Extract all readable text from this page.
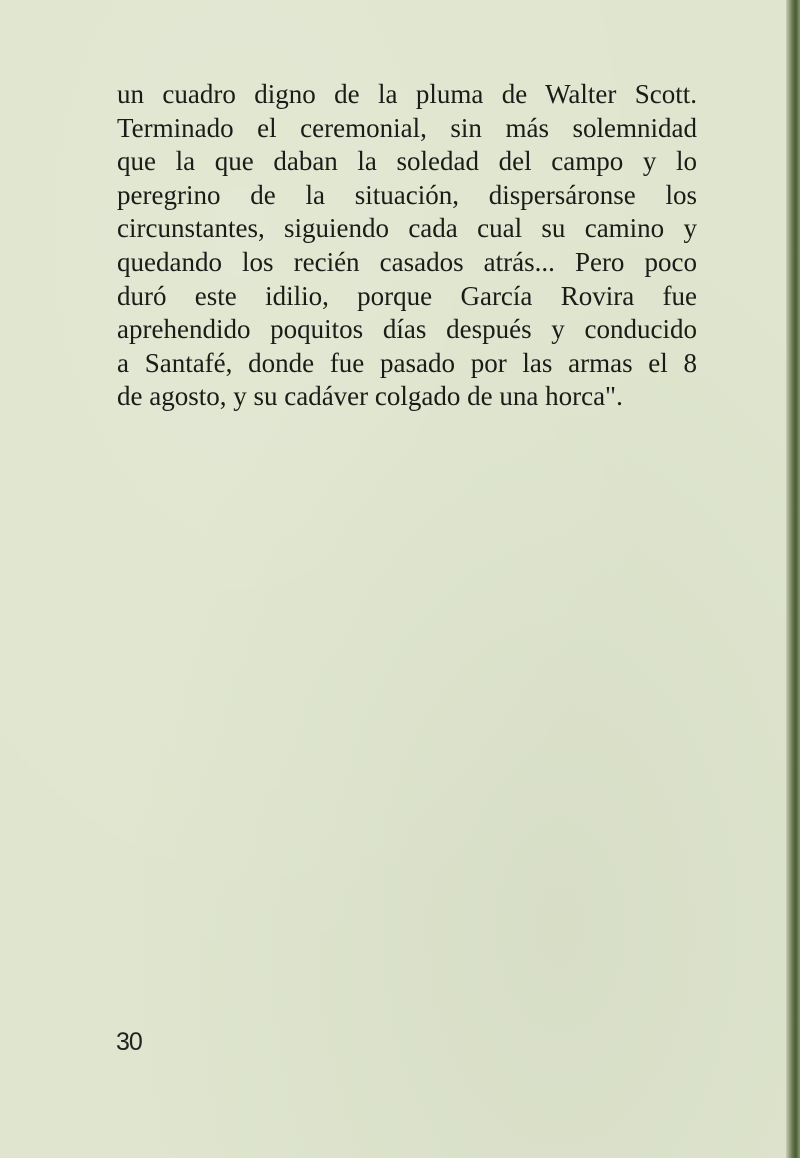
un cuadro digno de la pluma de Walter Scott.
Terminado el ceremonial, sin más solemnidad
que la que daban la soledad del campo y lo
peregrino de la situación, dispersáronse los
circunstantes, siguiendo cada cual su camino y
quedando los recién casados atrás... Pero poco
duró este idilio, porque García Rovira fue
aprehendido poquitos días después y conducido
a Santafé, donde fue pasado por las armas el 8
de agosto, y su cadáver colgado de una horca".

30
